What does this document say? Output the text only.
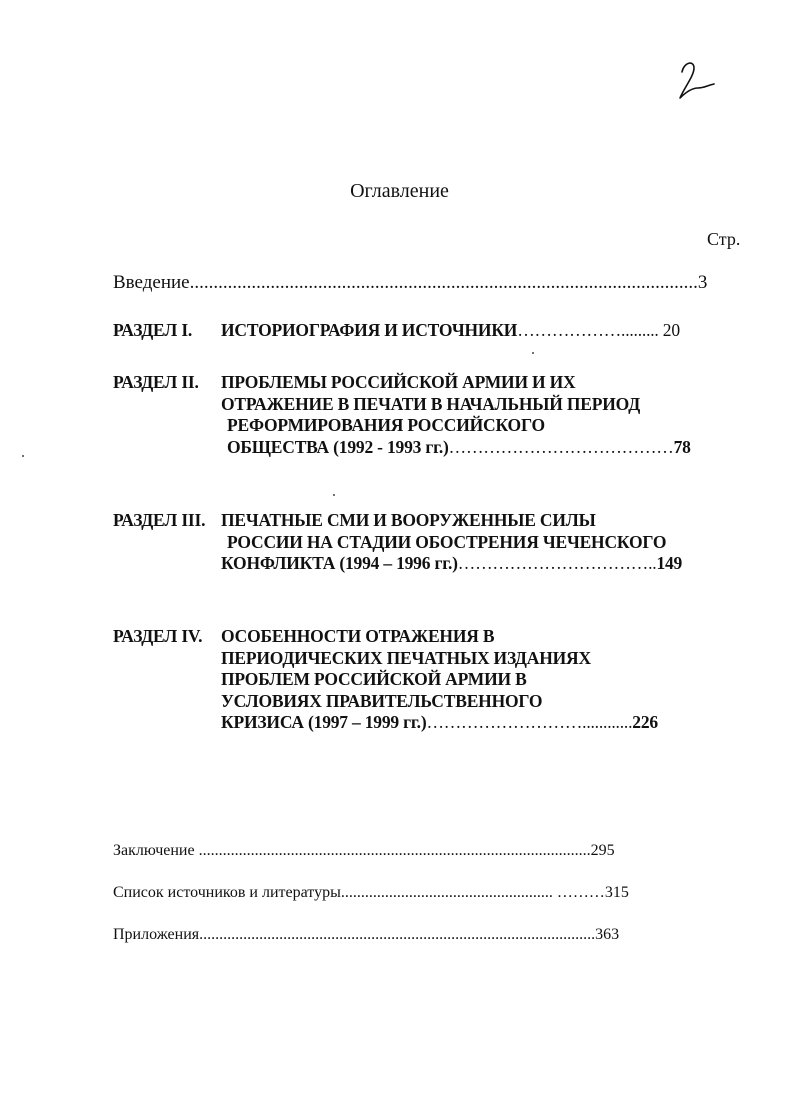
Оглавление
Стр.
Введение...........................................................................................................3
РАЗДЕЛ I. ИСТОРИОГРАФИЯ И ИСТОЧНИКИ………………......... 20
РАЗДЕЛ II. ПРОБЛЕМЫ РОССИЙСКОЙ АРМИИ И ИХ
ОТРАЖЕНИЕ В ПЕЧАТИ В НАЧАЛЬНЫЙ ПЕРИОД
РЕФОРМИРОВАНИЯ РОССИЙСКОГО
ОБЩЕСТВА (1992 - 1993 гг.)…………………………………78
РАЗДЕЛ III. ПЕЧАТНЫЕ СМИ И ВООРУЖЕННЫЕ СИЛЫ
РОССИИ НА СТАДИИ ОБОСТРЕНИЯ ЧЕЧЕНСКОГО
КОНФЛИКТА (1994 – 1996 гг.)……………………………..149
РАЗДЕЛ IV. ОСОБЕННОСТИ ОТРАЖЕНИЯ В
ПЕРИОДИЧЕСКИХ ПЕЧАТНЫХ ИЗДАНИЯХ
ПРОБЛЕМ РОССИЙСКОЙ АРМИИ В
УСЛОВИЯХ ПРАВИТЕЛЬСТВЕННОГО
КРИЗИСА (1997 – 1999 гг.)………………………............226
Заключение ..................................................................................................295
Список источников и литературы..................................................... ………315
Приложения...................................................................................................363
